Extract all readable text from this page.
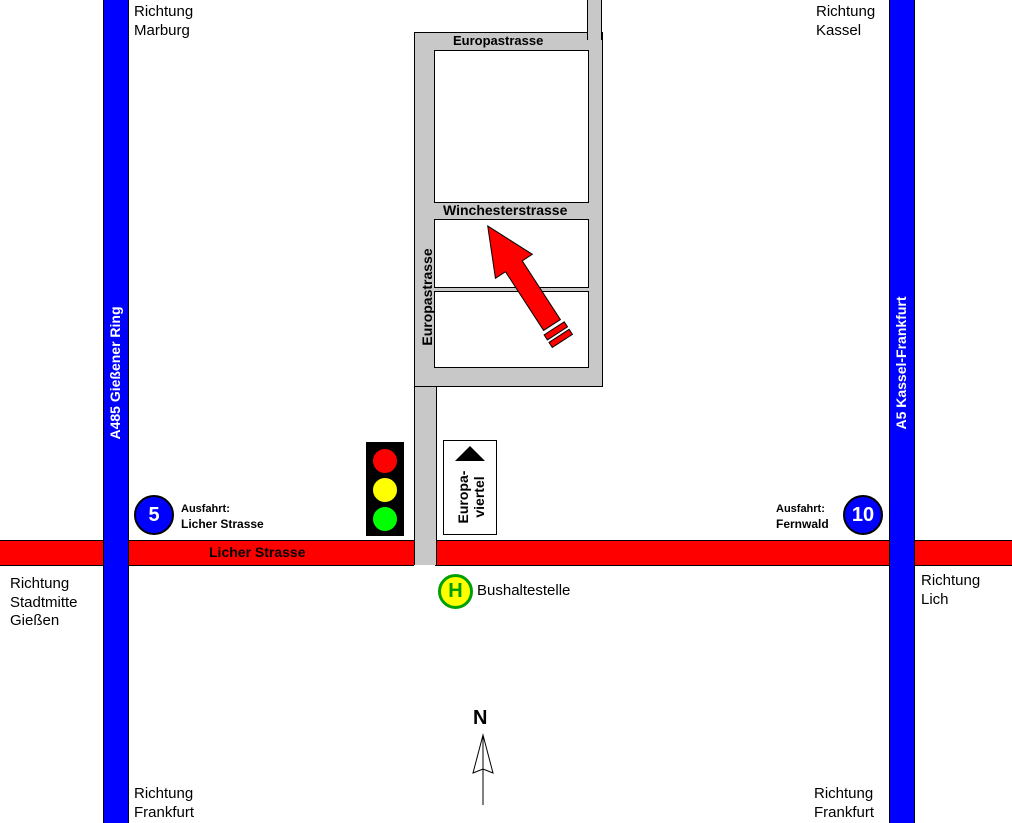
Europastrasse
Winchesterstrasse
Europastrasse
A485 Gießener Ring	A5 Kassel-Frankfurt
Licher Strasse
Europa- viertel
5	Ausfahrt:
Licher Strasse	10
Ausfahrt:
Fernwald
H Bushaltestelle
Richtung
Marburg
Richtung
Kassel
Richtung
Stadtmitte
Gießen
Richtung
Lich
Richtung
Frankfurt
Richtung
Frankfurt
N
